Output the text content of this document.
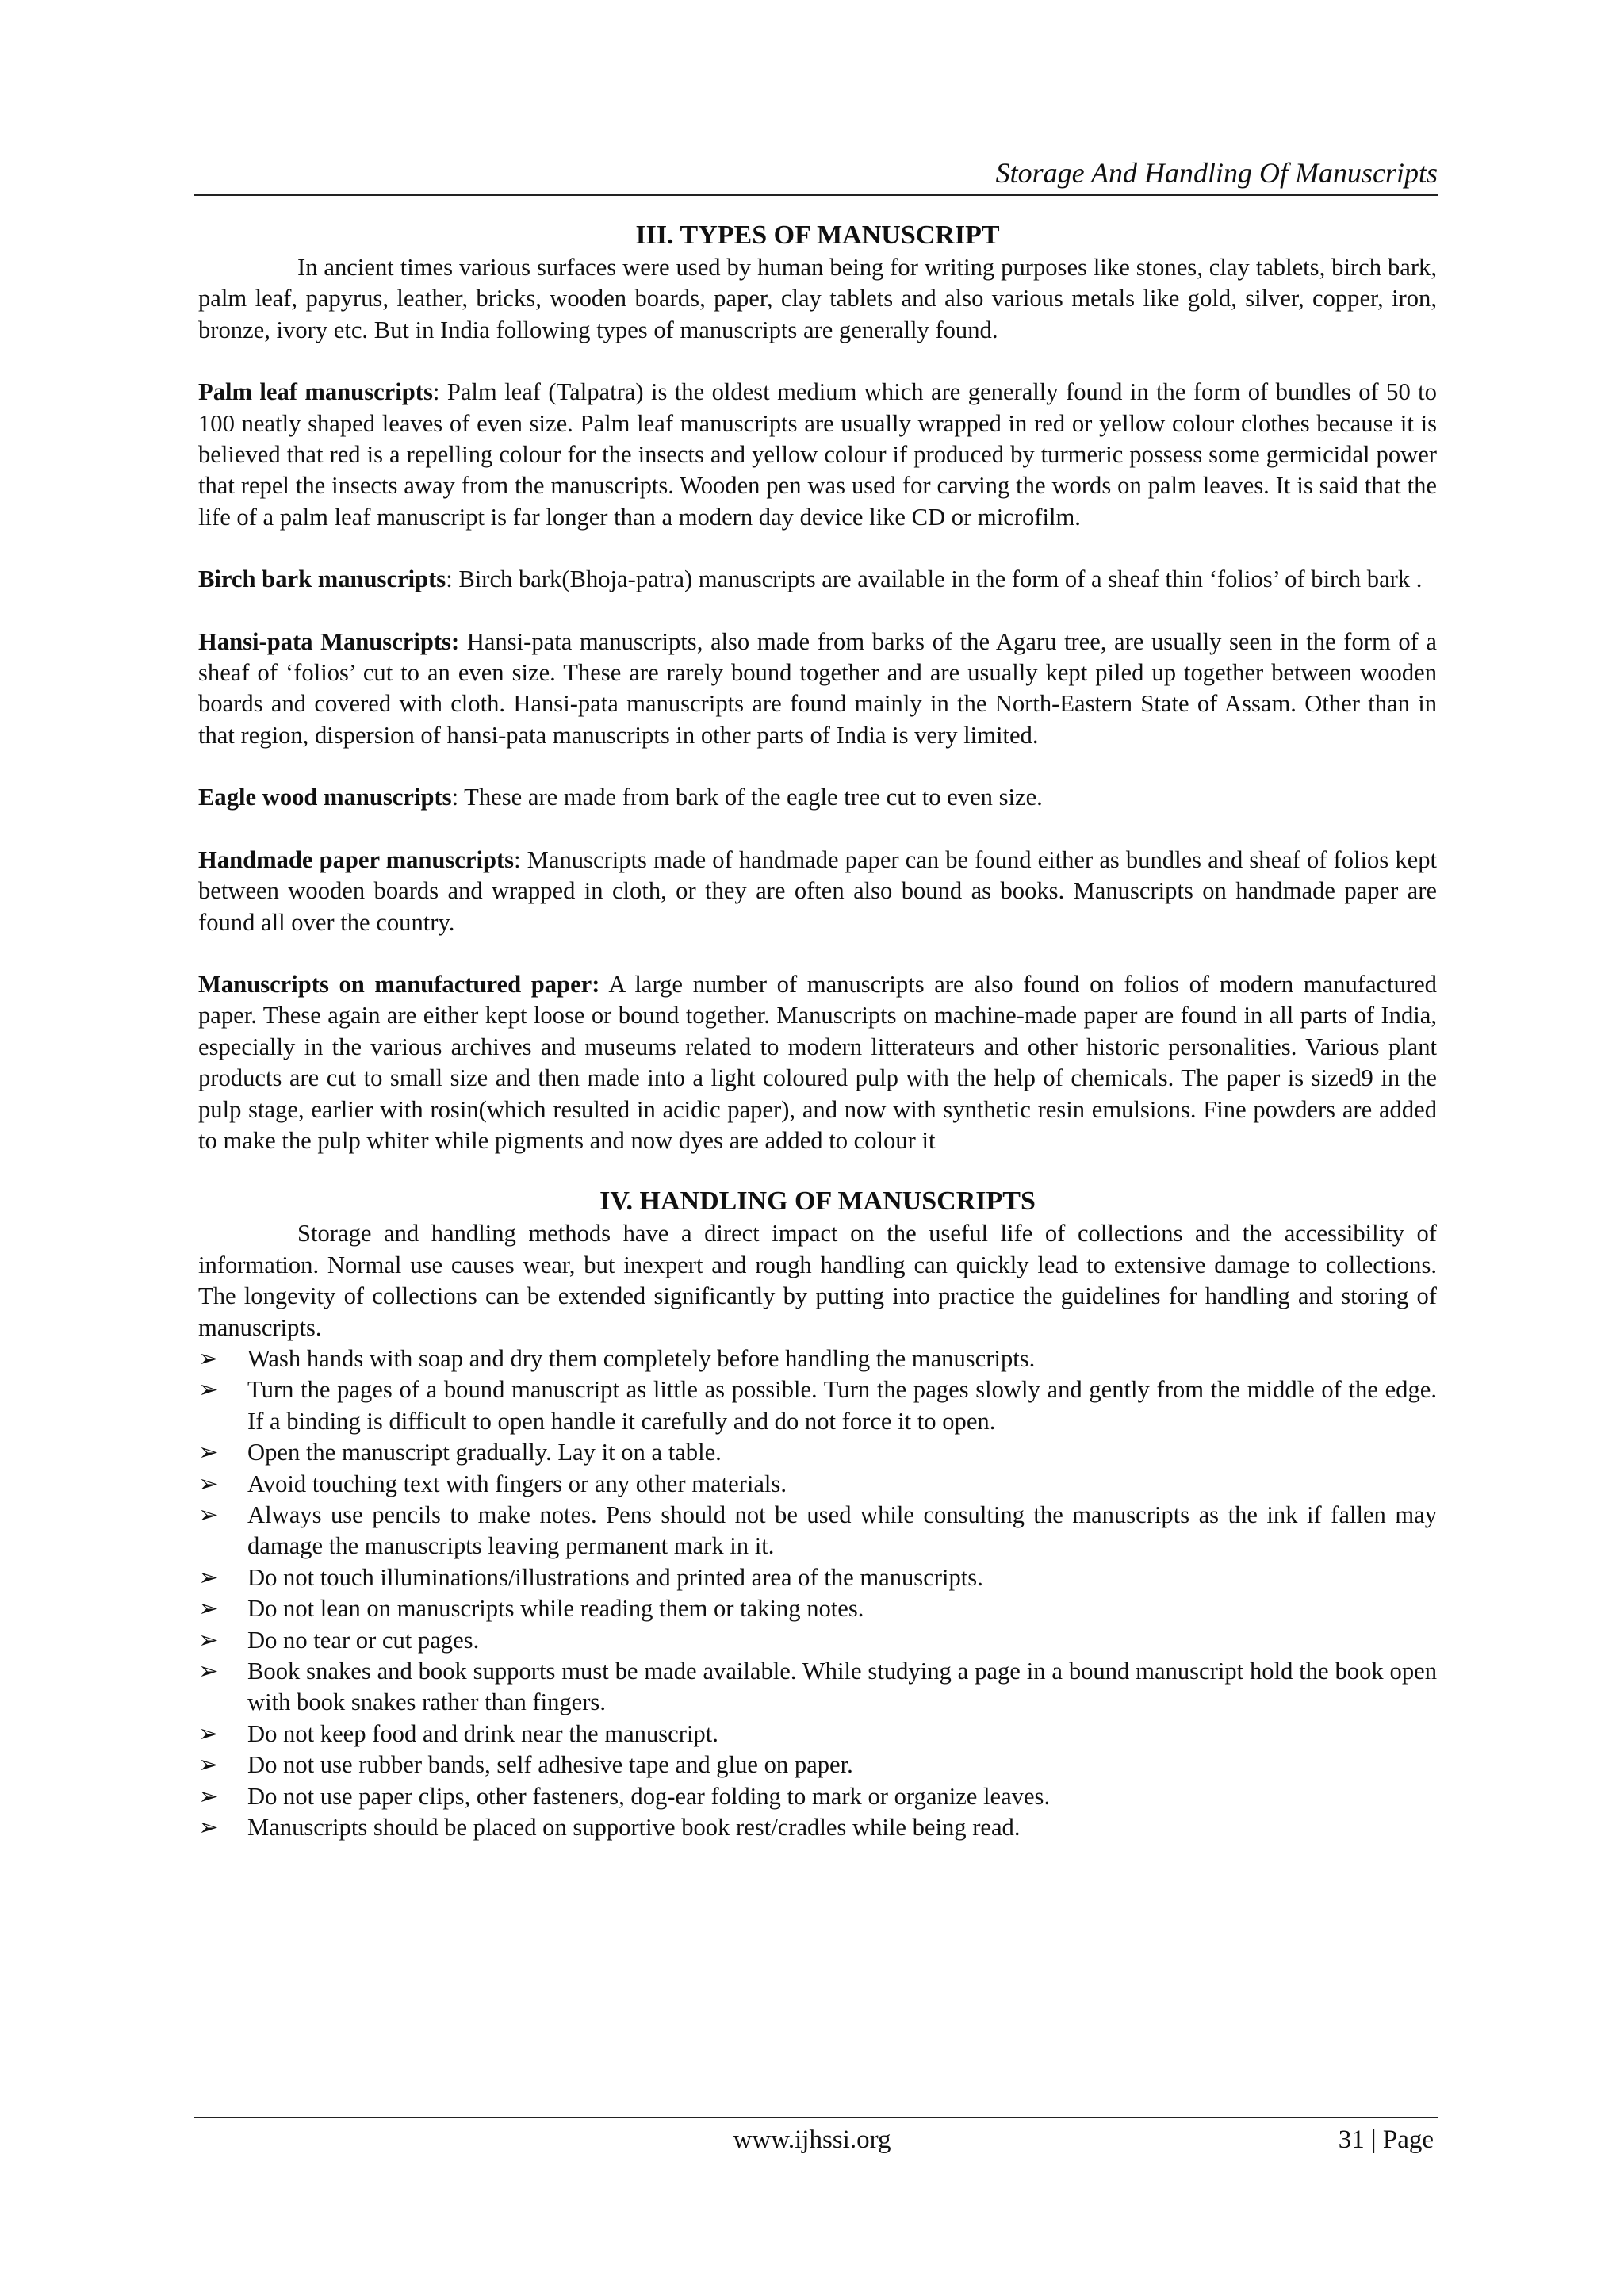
Storage And Handling Of Manuscripts
III. TYPES OF MANUSCRIPT

In ancient times various surfaces were used by human being for writing purposes like stones, clay tablets, birch bark, palm leaf, papyrus, leather, bricks, wooden boards, paper, clay tablets and also various metals like gold, silver, copper, iron, bronze, ivory etc. But in India following types of manuscripts are generally found.

Palm leaf manuscripts: Palm leaf (Talpatra) is the oldest medium which are generally found in the form of bundles of 50 to 100 neatly shaped leaves of even size. Palm leaf manuscripts are usually wrapped in red or yellow colour clothes because it is believed that red is a repelling colour for the insects and yellow colour if produced by turmeric possess some germicidal power that repel the insects away from the manuscripts. Wooden pen was used for carving the words on palm leaves. It is said that the life of a palm leaf manuscript is far longer than a modern day device like CD or microfilm.

Birch bark manuscripts: Birch bark(Bhoja-patra) manuscripts are available in the form of a sheaf thin ‘folios’ of birch bark .

Hansi-pata Manuscripts: Hansi-pata manuscripts, also made from barks of the Agaru tree, are usually seen in the form of a sheaf of ‘folios’ cut to an even size. These are rarely bound together and are usually kept piled up together between wooden boards and covered with cloth. Hansi-pata manuscripts are found mainly in the North-Eastern State of Assam. Other than in that region, dispersion of hansi-pata manuscripts in other parts of India is very limited.

Eagle wood manuscripts: These are made from bark of the eagle tree cut to even size.

Handmade paper manuscripts: Manuscripts made of handmade paper can be found either as bundles and sheaf of folios kept between wooden boards and wrapped in cloth, or they are often also bound as books. Manuscripts on handmade paper are found all over the country.

Manuscripts on manufactured paper: A large number of manuscripts are also found on folios of modern manufactured paper. These again are either kept loose or bound together. Manuscripts on machine-made paper are found in all parts of India, especially in the various archives and museums related to modern litterateurs and other historic personalities. Various plant products are cut to small size and then made into a light coloured pulp with the help of chemicals. The paper is sized9 in the pulp stage, earlier with rosin(which resulted in acidic paper), and now with synthetic resin emulsions. Fine powders are added to make the pulp whiter while pigments and now dyes are added to colour it

IV. HANDLING OF MANUSCRIPTS

Storage and handling methods have a direct impact on the useful life of collections and the accessibility of information. Normal use causes wear, but inexpert and rough handling can quickly lead to extensive damage to collections. The longevity of collections can be extended significantly by putting into practice the guidelines for handling and storing of manuscripts.

➢	Wash hands with soap and dry them completely before handling the manuscripts.
➢	Turn the pages of a bound manuscript as little as possible. Turn the pages slowly and gently from the middle of the edge. If a binding is difficult to open handle it carefully and do not force it to open.
➢	Open the manuscript gradually. Lay it on a table.
➢	Avoid touching text with fingers or any other materials.
➢	Always use pencils to make notes. Pens should not be used while consulting the manuscripts as the ink if fallen may damage the manuscripts leaving permanent mark in it.
➢	Do not touch illuminations/illustrations and printed area of the manuscripts.
➢	Do not lean on manuscripts while reading them or taking notes.
➢	Do no tear or cut pages.
➢	Book snakes and book supports must be made available. While studying a page in a bound manuscript hold the book open with book snakes rather than fingers.
➢	Do not keep food and drink near the manuscript.
➢	Do not use rubber bands, self adhesive tape and glue on paper.
➢	Do not use paper clips, other fasteners, dog-ear folding to mark or organize leaves.
➢	Manuscripts should be placed on supportive book rest/cradles while being read.
www.ijhssi.org	31 | Page
